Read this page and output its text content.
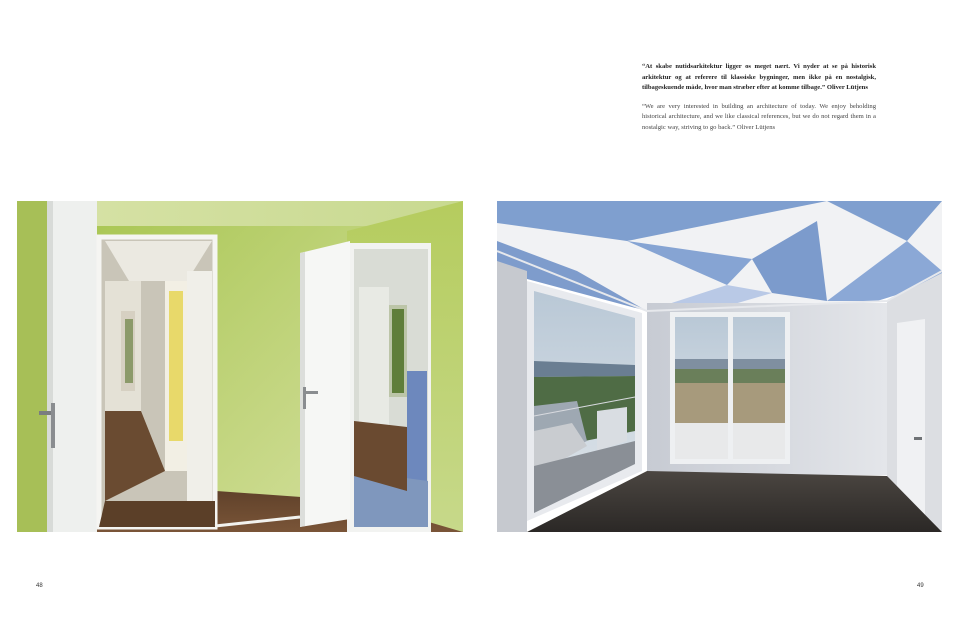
“At skabe nutidsarkitektur ligger os meget nært. Vi nyder at se på historisk arkitektur og at referere til klassiske bygninger, men ikke på en nostalgisk, tilbageskuende måde, hvor man stræber efter at komme tilbage.” Oliver Lütjens

“We are very interested in building an architecture of today. We enjoy beholding historical architecture, and we like classical references, but we do not regard them in a nostalgic way, striving to go back.” Oliver Lütjens

48	49
